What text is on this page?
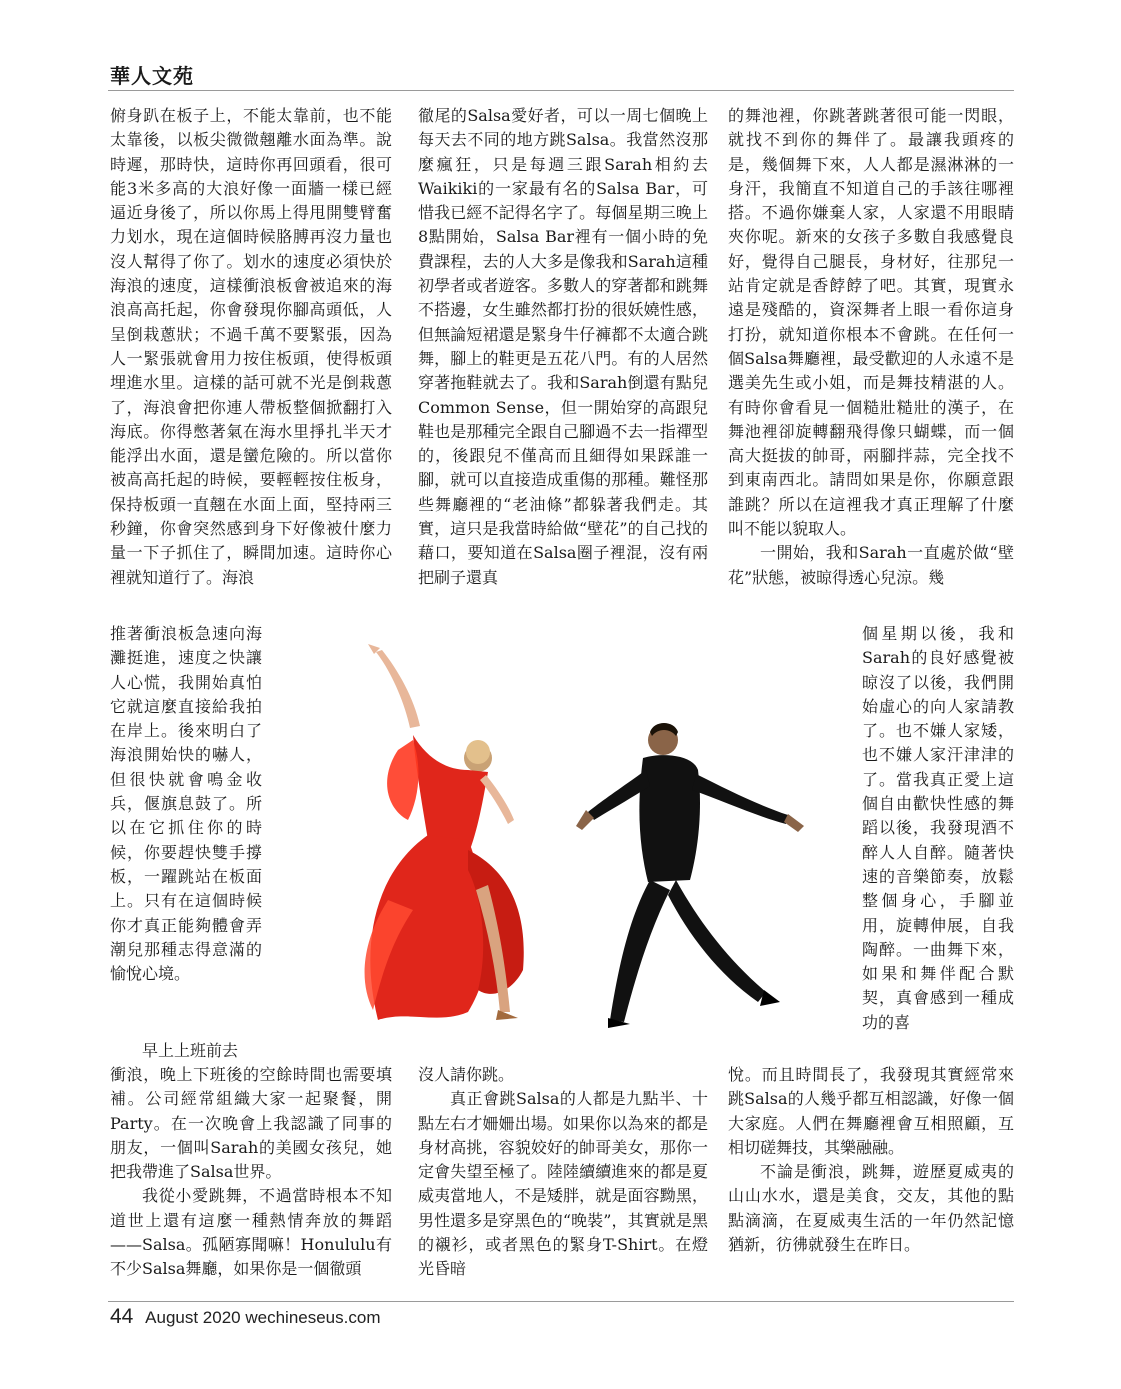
華人文苑

俯身趴在板子上，不能太靠前，也不能太靠後，以板尖微微翹離水面為準。說時遲，那時快，這時你再回頭看，很可能3米多高的大浪好像一面牆一樣已經逼近身後了，所以你馬上得甩開雙臂奮力划水，現在這個時候胳膊再沒力量也沒人幫得了你了。划水的速度必須快於海浪的速度，這樣衝浪板會被追來的海浪高高托起，你會發現你腳高頭低，人呈倒栽蔥狀；不過千萬不要緊張，因為人一緊張就會用力按住板頭，使得板頭埋進水里。這樣的話可就不光是倒栽蔥了，海浪會把你連人帶板整個掀翻打入海底。你得憋著氣在海水里掙扎半天才能浮出水面，還是蠻危險的。所以當你被高高托起的時候，要輕輕按住板身，保持板頭一直翹在水面上面，堅持兩三秒鐘，你會突然感到身下好像被什麼力量一下子抓住了，瞬間加速。這時你心裡就知道行了。海浪

推著衝浪板急速向海灘挺進，速度之快讓人心慌，我開始真怕它就這麼直接給我拍在岸上。後來明白了海浪開始快的嚇人，但很快就會鳴金收兵，偃旗息鼓了。所以在它抓住你的時候，你要趕快雙手撐板，一躍跳站在板面上。只有在這個時候你才真正能夠體會弄潮兒那種志得意滿的愉悅心境。

早上上班前去

衝浪，晚上下班後的空餘時間也需要填補。公司經常組織大家一起聚餐，開Party。在一次晚會上我認識了同事的朋友，一個叫Sarah的美國女孩兒，她把我帶進了Salsa世界。

我從小愛跳舞，不過當時根本不知道世上還有這麼一種熱情奔放的舞蹈——Salsa。孤陋寡聞嘛！Honululu有不少Salsa舞廳，如果你是一個徹頭

徹尾的Salsa愛好者，可以一周七個晚上每天去不同的地方跳Salsa。我當然沒那麼瘋狂，只是每週三跟Sarah相約去Waikiki的一家最有名的Salsa Bar，可惜我已經不記得名字了。每個星期三晚上8點開始，Salsa Bar裡有一個小時的免費課程，去的人大多是像我和Sarah這種初學者或者遊客。多數人的穿著都和跳舞不搭邊，女生雖然都打扮的很妖嬈性感，但無論短裙還是緊身牛仔褲都不太適合跳舞，腳上的鞋更是五花八門。有的人居然穿著拖鞋就去了。我和Sarah倒還有點兒Common Sense，但一開始穿的高跟兒鞋也是那種完全跟自己腳過不去一指禪型的，後跟兒不僅高而且細得如果踩誰一腳，就可以直接造成重傷的那種。難怪那些舞廳裡的“老油條”都躲著我們走。其實，這只是我當時給做“壁花”的自己找的藉口，要知道在Salsa圈子裡混，沒有兩把刷子還真

沒人請你跳。

真正會跳Salsa的人都是九點半、十點左右才姍姍出場。如果你以為來的都是身材高挑，容貌姣好的帥哥美女，那你一定會失望至極了。陸陸續續進來的都是夏威夷當地人，不是矮胖，就是面容黝黑，男性還多是穿黑色的“晚裝”，其實就是黑的襯衫，或者黑色的緊身T-Shirt。在燈光昏暗

的舞池裡，你跳著跳著很可能一閃眼，就找不到你的舞伴了。最讓我頭疼的是，幾個舞下來，人人都是濕淋淋的一身汗，我簡直不知道自己的手該往哪裡搭。不過你嫌棄人家，人家還不用眼睛夾你呢。新來的女孩子多數自我感覺良好，覺得自己腿長，身材好，往那兒一站肯定就是香餑餑了吧。其實，現實永遠是殘酷的，資深舞者上眼一看你這身打扮，就知道你根本不會跳。在任何一個Salsa舞廳裡，最受歡迎的人永遠不是選美先生或小姐，而是舞技精湛的人。有時你會看見一個糙壯糙壯的漢子，在舞池裡卻旋轉翻飛得像只蝴蝶，而一個高大挺拔的帥哥，兩腳拌蒜，完全找不到東南西北。請問如果是你，你願意跟誰跳？所以在這裡我才真正理解了什麼叫不能以貌取人。

一開始，我和Sarah一直處於做“壁花”狀態，被晾得透心兒涼。幾

個星期以後，我和Sarah的良好感覺被晾沒了以後，我們開始虛心的向人家請教了。也不嫌人家矮，也不嫌人家汗津津的了。當我真正愛上這個自由歡快性感的舞蹈以後，我發現酒不醉人人自醉。隨著快速的音樂節奏，放鬆整個身心，手腳並用，旋轉伸展，自我陶醉。一曲舞下來，如果和舞伴配合默契，真會感到一種成功的喜

悅。而且時間長了，我發現其實經常來跳Salsa的人幾乎都互相認識，好像一個大家庭。人們在舞廳裡會互相照顧，互相切磋舞技，其樂融融。

不論是衝浪，跳舞，遊歷夏威夷的山山水水，還是美食，交友，其他的點點滴滴，在夏威夷生活的一年仍然記憶猶新，彷彿就發生在昨日。

44 August 2020 wechineseus.com
